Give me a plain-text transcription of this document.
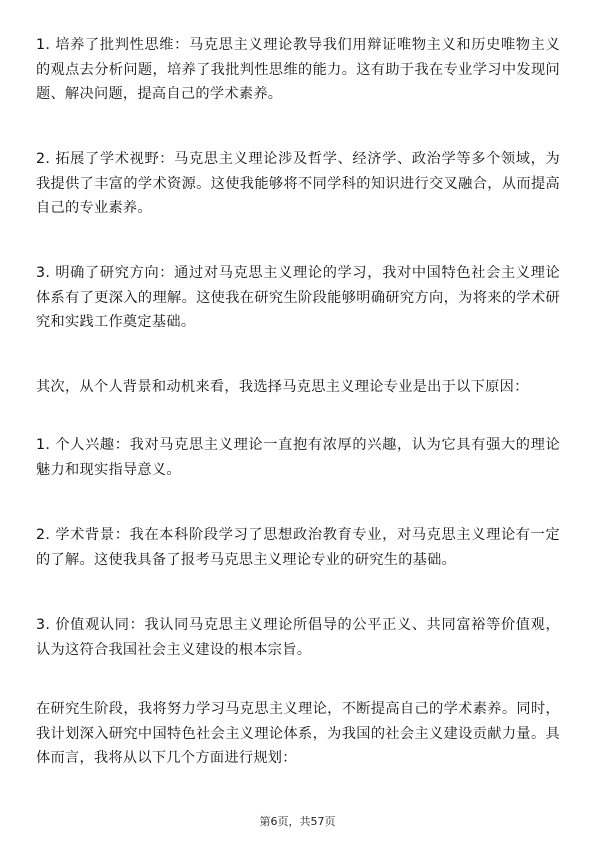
1. 培养了批判性思维：马克思主义理论教导我们用辩证唯物主义和历史唯物主义的观点去分析问题，培养了我批判性思维的能力。这有助于我在专业学习中发现问题、解决问题，提高自己的学术素养。

2. 拓展了学术视野：马克思主义理论涉及哲学、经济学、政治学等多个领域，为我提供了丰富的学术资源。这使我能够将不同学科的知识进行交叉融合，从而提高自己的专业素养。

3. 明确了研究方向：通过对马克思主义理论的学习，我对中国特色社会主义理论体系有了更深入的理解。这使我在研究生阶段能够明确研究方向，为将来的学术研究和实践工作奠定基础。

其次，从个人背景和动机来看，我选择马克思主义理论专业是出于以下原因：

1. 个人兴趣：我对马克思主义理论一直抱有浓厚的兴趣，认为它具有强大的理论魅力和现实指导意义。

2. 学术背景：我在本科阶段学习了思想政治教育专业，对马克思主义理论有一定的了解。这使我具备了报考马克思主义理论专业的研究生的基础。

3. 价值观认同：我认同马克思主义理论所倡导的公平正义、共同富裕等价值观，认为这符合我国社会主义建设的根本宗旨。

在研究生阶段，我将努力学习马克思主义理论，不断提高自己的学术素养。同时，我计划深入研究中国特色社会主义理论体系，为我国的社会主义建设贡献力量。具体而言，我将从以下几个方面进行规划：

第6页，共57页
